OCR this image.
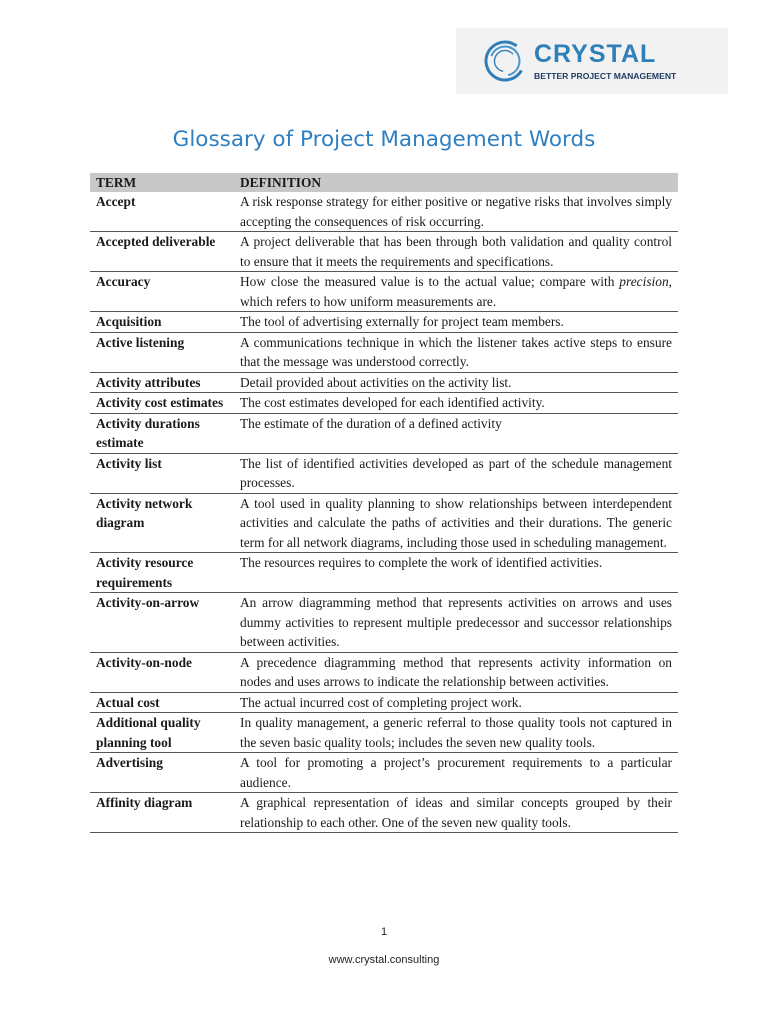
CRYSTAL
BETTER PROJECT MANAGEMENT
Glossary of Project Management Words
TERM	DEFINITION
Accept	A risk response strategy for either positive or negative risks that involves simply accepting the consequences of risk occurring.
Accepted deliverable	A project deliverable that has been through both validation and quality control to ensure that it meets the requirements and specifications.
Accuracy	How close the measured value is to the actual value; compare with precision, which refers to how uniform measurements are.
Acquisition	The tool of advertising externally for project team members.
Active listening	A communications technique in which the listener takes active steps to ensure that the message was understood correctly.
Activity attributes	Detail provided about activities on the activity list.
Activity cost estimates	The cost estimates developed for each identified activity.
Activity durations estimate	The estimate of the duration of a defined activity
Activity list	The list of identified activities developed as part of the schedule management processes.
Activity network diagram	A tool used in quality planning to show relationships between interdependent activities and calculate the paths of activities and their durations. The generic term for all network diagrams, including those used in scheduling management.
Activity resource requirements	The resources requires to complete the work of identified activities.
Activity-on-arrow	An arrow diagramming method that represents activities on arrows and uses dummy activities to represent multiple predecessor and successor relationships between activities.
Activity-on-node	A precedence diagramming method that represents activity information on nodes and uses arrows to indicate the relationship between activities.
Actual cost	The actual incurred cost of completing project work.
Additional quality planning tool	In quality management, a generic referral to those quality tools not captured in the seven basic quality tools; includes the seven new quality tools.
Advertising	A tool for promoting a project’s procurement requirements to a particular audience.
Affinity diagram	A graphical representation of ideas and similar concepts grouped by their relationship to each other. One of the seven new quality tools.
1
www.crystal.consulting
